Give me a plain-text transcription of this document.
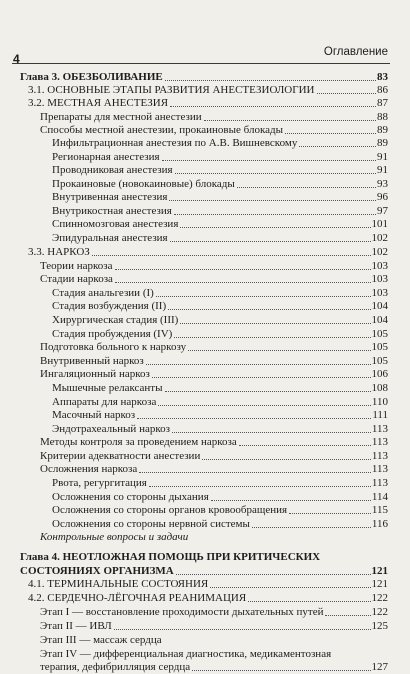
4	Оглавление
Глава 3. ОБЕЗБОЛИВАНИЕ	83
3.1. ОСНОВНЫЕ ЭТАПЫ РАЗВИТИЯ АНЕСТЕЗИОЛОГИИ	86
3.2. МЕСТНАЯ АНЕСТЕЗИЯ	87
Препараты для местной анестезии	88
Способы местной анестезии, прокаиновые блокады	89
Инфильтрационная анестезия по А.В. Вишневскому	89
Регионарная анестезия	91
Проводниковая анестезия	91
Прокаиновые (новокаиновые) блокады	93
Внутривенная анестезия	96
Внутрикостная анестезия	97
Спинномозговая анестезия	101
Эпидуральная анестезия	102
3.3. НАРКОЗ	102
Теории наркоза	103
Стадии наркоза	103
Стадия анальгезии (I)	103
Стадия возбуждения (II)	104
Хирургическая стадия (III)	104
Стадия пробуждения (IV)	105
Подготовка больного к наркозу	105
Внутривенный наркоз	105
Ингаляционный наркоз	106
Мышечные релаксанты	108
Аппараты для наркоза	110
Масочный наркоз	111
Эндотрахеальный наркоз	113
Методы контроля за проведением наркоза	113
Критерии адекватности анестезии	113
Осложнения наркоза	113
Рвота, регургитация	113
Осложнения со стороны дыхания	114
Осложнения со стороны органов кровообращения	115
Осложнения со стороны нервной системы	116
Контрольные вопросы и задачи
Глава 4. НЕОТЛОЖНАЯ ПОМОЩЬ ПРИ КРИТИЧЕСКИХ
СОСТОЯНИЯХ ОРГАНИЗМА	121
4.1. ТЕРМИНАЛЬНЫЕ СОСТОЯНИЯ	121
4.2. СЕРДЕЧНО-ЛЁГОЧНАЯ РЕАНИМАЦИЯ	122
Этап I — восстановление проходимости дыхательных путей	122
Этап II — ИВЛ	125
Этап III — массаж сердца
Этап IV — дифференциальная диагностика, медикаментозная
терапия, дефибрилляция сердца	127
